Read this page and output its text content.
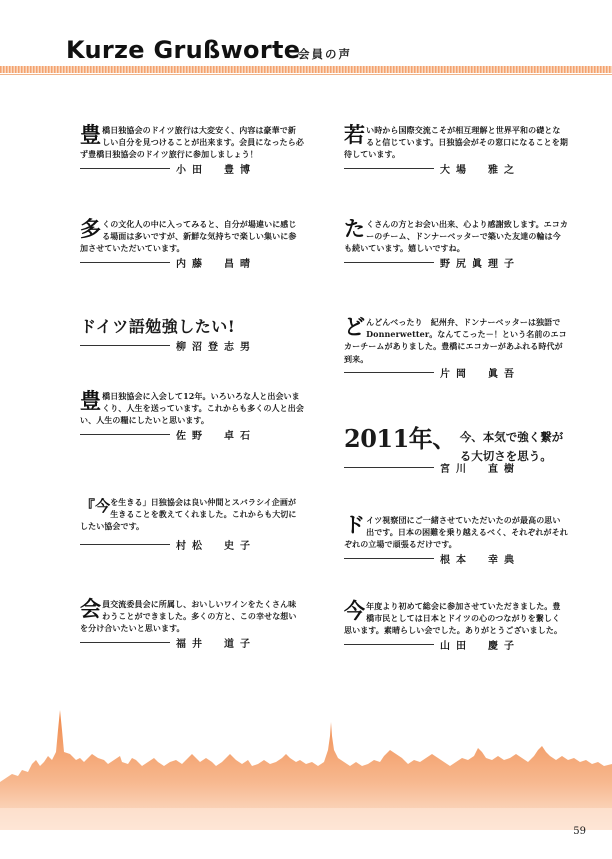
Kurze Grußworte
会員の声
豊 橋日独協会のドイツ旅行は大変安く、内容は豪華で新しい自分を見つけることが出来ます。会員になったら必ず豊橋日独協会のドイツ旅行に参加しましょう！
小田　豊博
多 くの文化人の中に入ってみると、自分が場違いに感じる場面は多いですが、新鮮な気持ちで楽しい集いに参加させていただいています。
内藤　昌晴
ドイツ語勉強したい!
柳沼登志男
豊 橋日独協会に入会して12年。いろいろな人と出会いまくり、人生を送っています。これからも多くの人と出会い、人生の糧にしたいと思います。
佐野　卓石
『今 を生きる」日独協会は良い仲間とスバラシイ企画が生きることを教えてくれました。これからも大切にしたい協会です。
村松　史子
会 員交流委員会に所属し、おいしいワインをたくさん味わうことができました。多くの方と、この幸せな想いを分け合いたいと思います。
福井　道子
若 い時から国際交流こそが相互理解と世界平和の礎となると信じています。日独協会がその窓口になることを期待しています。
大場　雅之
た くさんの方とお会い出来、心より感謝致します。エコカーのチーム、ドンナーベッターで築いた友達の輪は今も続いています。嬉しいですね。
野尻眞理子
ど んどんべったり　紀州弁、ドンナーベッターは独語でDonnerwetter。なんてこった－！という名前のエコカーチームがありました。豊橋にエコカーがあふれる時代が到来。
片岡　眞吾
2011年、 今、本気で強く繋がる大切さを思う。
宮川　直樹
ド イツ視察団にご一緒させていただいたのが最高の思い出です。日本の困難を乗り越えるべく、それぞれがそれぞれの立場で頑張るだけです。
根本　幸典
今 年度より初めて総会に参加させていただきました。豊橋市民としては日本とドイツの心のつながりを繋しく思います。素晴らしい会でした。ありがとうございました。
山田　慶子
59
